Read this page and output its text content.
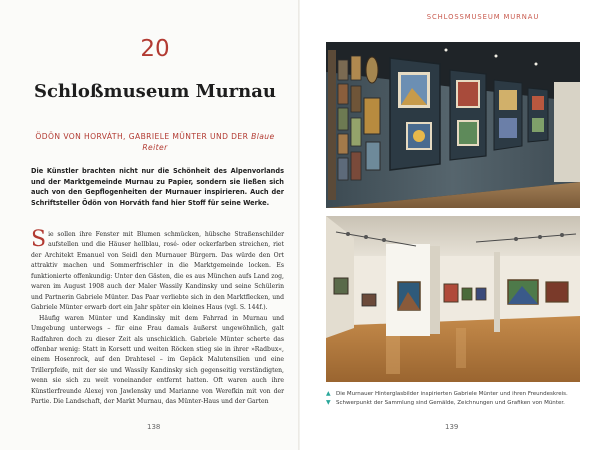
20
Schloßmuseum Murnau
ÖDÖN VON HORVÁTH, GABRIELE MÜNTER UND DER Blaue Reiter

Die Künstler brachten nicht nur die Schönheit des Alpenvorlands und der Marktgemeinde Murnau zu Papier, sondern sie ließen sich auch von den Gepflogenheiten der Murnauer inspirieren. Auch der Schriftsteller Ödön von Horváth fand hier Stoff für seine Werke.

Sie sollen ihre Fenster mit Blumen schmücken, hübsche Straßenschilder aufstellen und die Häuser hellblau, rosé- oder ockerfarben streichen, riet der Architekt Emanuel von Seidl den Murnauer Bürgern. Das würde den Ort attraktiv machen und Sommerfrischler in die Marktgemeinde locken. Es funktionierte offenkundig: Unter den Gästen, die es aus München aufs Land zog, waren im August 1908 auch der Maler Wassily Kandinsky und seine Schülerin und Partnerin Gabriele Münter. Das Paar verliebte sich in den Marktflecken, und Gabriele Münter erwarb dort ein Jahr später ein kleines Haus (vgl. S. 144f.).

Häufig waren Münter und Kandinsky mit dem Fahrrad in Murnau und Umgebung unterwegs – für eine Frau damals äußerst ungewöhnlich, galt Radfahren doch zu dieser Zeit als unschicklich. Gabriele Münter scherte das offenbar wenig: Statt in Korsett und weiten Röcken stieg sie in ihrer »Radbux«, einem Hosenrock, auf den Drahtesel – im Gepäck Malutensilien und eine Trillerpfeife, mit der sie und Wassily Kandinsky sich gegenseitig verständigten, wenn sie sich zu weit voneinander entfernt hatten. Oft waren auch ihre Künstlerfreunde Alexej von Jawlensky und Marianne von Werefkin mit von der Partie. Die Landschaft, der Markt Murnau, das Münter-Haus und der Garten

138
SCHLOSSMUSEUM MURNAU
▲ Die Murnauer Hinterglasbilder inspirierten Gabriele Münter und ihren Freundeskreis.
▼ Schwerpunkt der Sammlung sind Gemälde, Zeichnungen und Grafiken von Münter.
139
